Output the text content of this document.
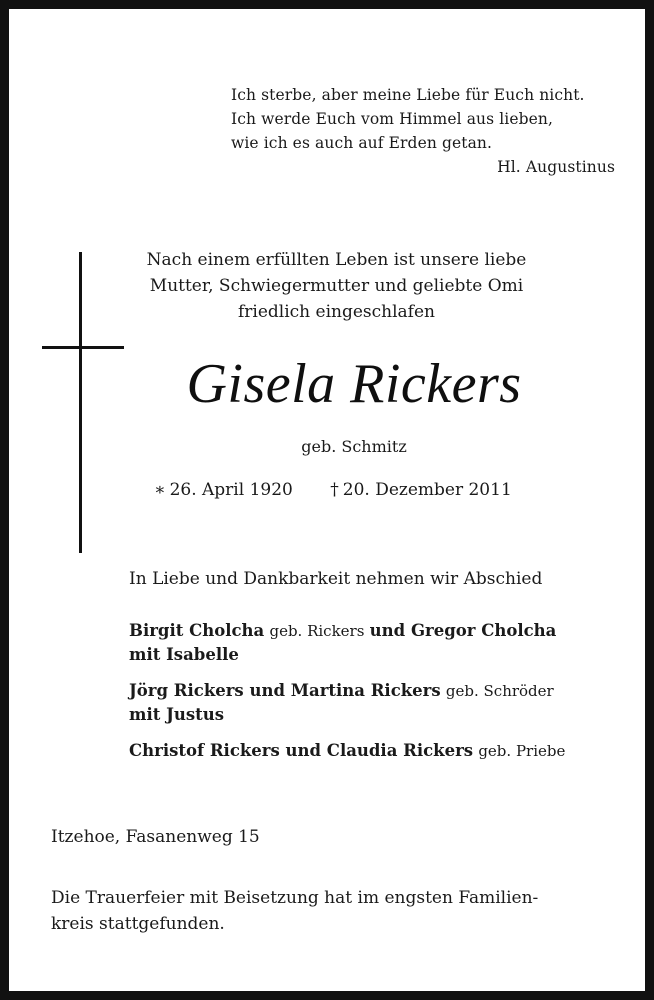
Ich sterbe, aber meine Liebe für Euch nicht.
Ich werde Euch vom Himmel aus lieben,
wie ich es auch auf Erden getan.
Hl. Augustinus
Nach einem erfüllten Leben ist unsere liebe
Mutter, Schwiegermutter und geliebte Omi
friedlich eingeschlafen
Gisela Rickers
geb. Schmitz
∗ 26. April 1920 † 20. Dezember 2011
In Liebe und Dankbarkeit nehmen wir Abschied
Birgit Cholcha geb. Rickers und Gregor Cholcha
mit Isabelle
Jörg Rickers und Martina Rickers geb. Schröder
mit Justus
Christof Rickers und Claudia Rickers geb. Priebe
Itzehoe, Fasanenweg 15
Die Trauerfeier mit Beisetzung hat im engsten Familien-
kreis stattgefunden.
